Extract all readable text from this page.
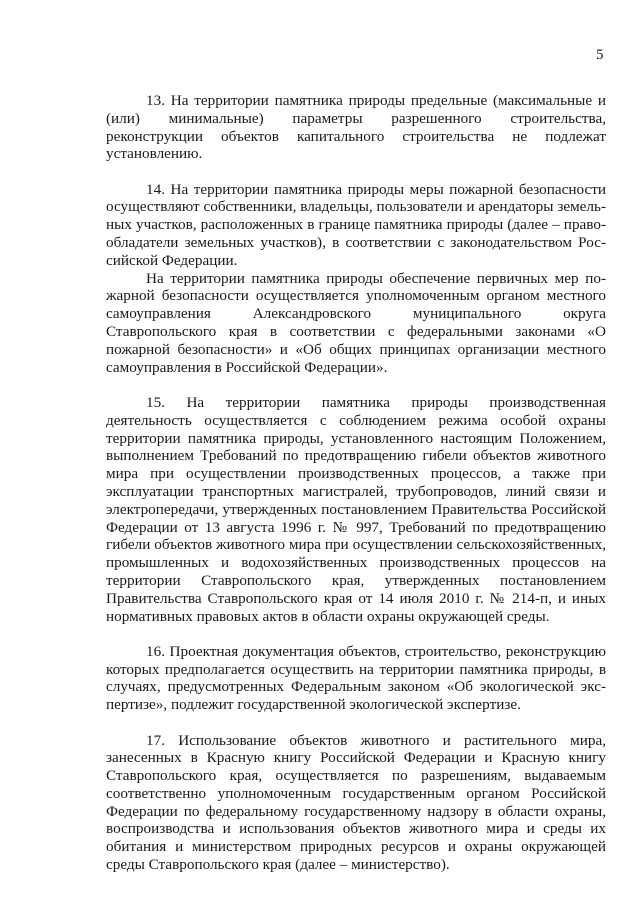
5

13. На территории памятника природы предельные (максимальные и (или) минимальные) параметры разрешенного строительства, реконструкции объектов капитального строительства не подлежат установлению.

14. На территории памятника природы меры пожарной безопасности осуществляют собственники, владельцы, пользователи и арендаторы земельных участков, расположенных в границе памятника природы (далее – правообладатели земельных участков), в соответствии с законодательством Российской Федерации.

На территории памятника природы обеспечение первичных мер пожарной безопасности осуществляется уполномоченным органом местного самоуправления Александровского муниципального округа Ставропольского края в соответствии с федеральными законами «О пожарной безопасности» и «Об общих принципах организации местного самоуправления в Российской Федерации».

15. На территории памятника природы производственная деятельность осуществляется с соблюдением режима особой охраны территории памятника природы, установленного настоящим Положением, выполнением Требований по предотвращению гибели объектов животного мира при осуществлении производственных процессов, а также при эксплуатации транспортных магистралей, трубопроводов, линий связи и электропередачи, утвержденных постановлением Правительства Российской Федерации от 13 августа 1996 г. № 997, Требований по предотвращению гибели объектов животного мира при осуществлении сельскохозяйственных, промышленных и водохозяйственных производственных процессов на территории Ставропольского края, утвержденных постановлением Правительства Ставропольского края от 14 июля 2010 г. № 214-п, и иных нормативных правовых актов в области охраны окружающей среды.

16. Проектная документация объектов, строительство, реконструкцию которых предполагается осуществить на территории памятника природы, в случаях, предусмотренных Федеральным законом «Об экологической экспертизе», подлежит государственной экологической экспертизе.

17. Использование объектов животного и растительного мира, занесенных в Красную книгу Российской Федерации и Красную книгу Ставропольского края, осуществляется по разрешениям, выдаваемым соответственно уполномоченным государственным органом Российской Федерации по федеральному государственному надзору в области охраны, воспроизводства и использования объектов животного мира и среды их обитания и министерством природных ресурсов и охраны окружающей среды Ставропольского края (далее – министерство).
